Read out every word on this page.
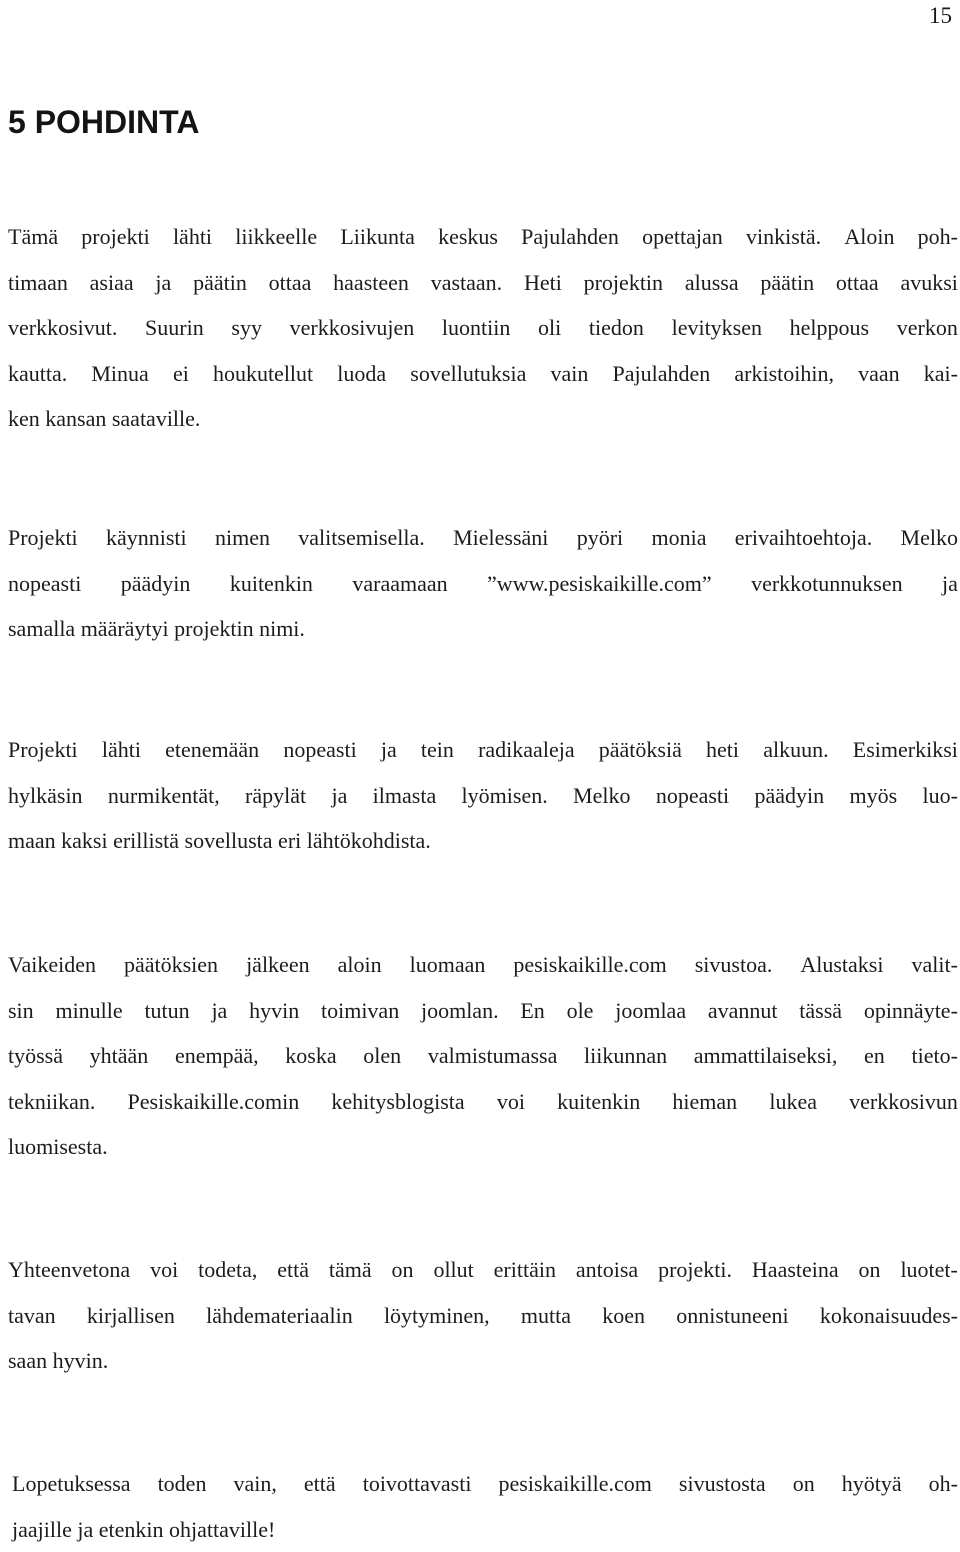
15
5 POHDINTA
Tämä projekti lähti liikkeelle Liikunta keskus Pajulahden opettajan vinkistä. Aloin poh-
timaan asiaa ja päätin ottaa haasteen vastaan. Heti projektin alussa päätin ottaa avuksi
verkkosivut. Suurin syy verkkosivujen luontiin oli tiedon levityksen helppous verkon
kautta. Minua ei houkutellut luoda sovellutuksia vain Pajulahden arkistoihin, vaan kai-
ken kansan saataville.
Projekti käynnisti nimen valitsemisella. Mielessäni pyöri monia erivaihtoehtoja. Melko
nopeasti päädyin kuitenkin varaamaan ”www.pesiskaikille.com” verkkotunnuksen ja
samalla määräytyi projektin nimi.
Projekti lähti etenemään nopeasti ja tein radikaaleja päätöksiä heti alkuun. Esimerkiksi
hylkäsin nurmikentät, räpylät ja ilmasta lyömisen. Melko nopeasti päädyin myös luo-
maan kaksi erillistä sovellusta eri lähtökohdista.
Vaikeiden päätöksien jälkeen aloin luomaan pesiskaikille.com sivustoa. Alustaksi valit-
sin minulle tutun ja hyvin toimivan joomlan. En ole joomlaa avannut tässä opinnäyte-
työssä yhtään enempää, koska olen valmistumassa liikunnan ammattilaiseksi, en tieto-
tekniikan. Pesiskaikille.comin kehitysblogista voi kuitenkin hieman lukea verkkosivun
luomisesta.
Yhteenvetona voi todeta, että tämä on ollut erittäin antoisa projekti. Haasteina on luotet-
tavan kirjallisen lähdemateriaalin löytyminen, mutta koen onnistuneeni kokonaisuudes-
saan hyvin.
Lopetuksessa toden vain, että toivottavasti pesiskaikille.com sivustosta on hyötyä oh-
jaajille ja etenkin ohjattaville!
